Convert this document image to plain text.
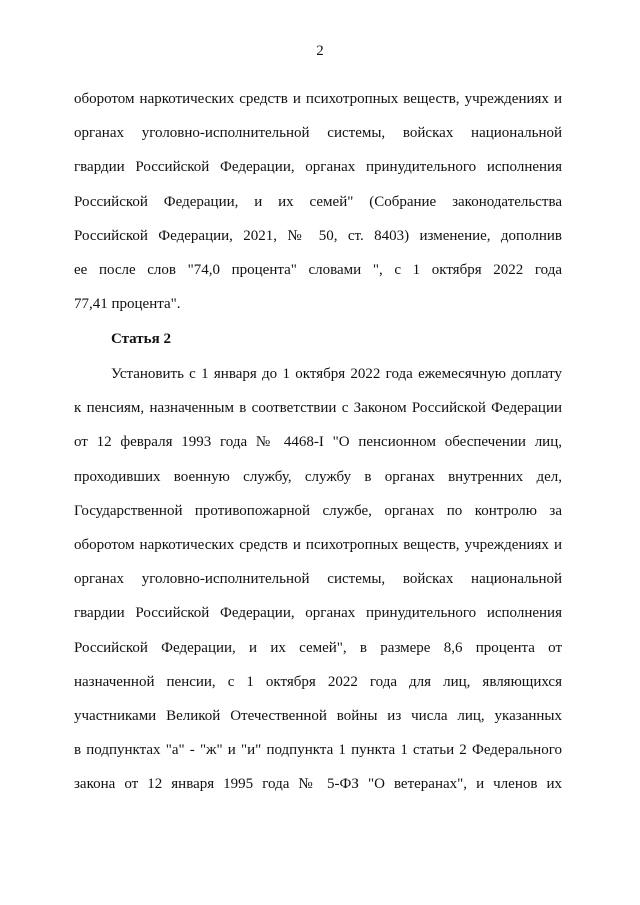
2
оборотом наркотических средств и психотропных веществ, учреждениях и
органах уголовно-исполнительной системы, войсках национальной
гвардии Российской Федерации, органах принудительного исполнения
Российской Федерации, и их семей" (Собрание законодательства
Российской Федерации, 2021, № 50, ст. 8403) изменение, дополнив
ее после слов "74,0 процента" словами ", с 1 октября 2022 года
77,41 процента".
Статья 2
Установить с 1 января до 1 октября 2022 года ежемесячную доплату
к пенсиям, назначенным в соответствии с Законом Российской Федерации
от 12 февраля 1993 года № 4468-I "О пенсионном обеспечении лиц,
проходивших военную службу, службу в органах внутренних дел,
Государственной противопожарной службе, органах по контролю за
оборотом наркотических средств и психотропных веществ, учреждениях и
органах уголовно-исполнительной системы, войсках национальной
гвардии Российской Федерации, органах принудительного исполнения
Российской Федерации, и их семей", в размере 8,6 процента от
назначенной пенсии, с 1 октября 2022 года для лиц, являющихся
участниками Великой Отечественной войны из числа лиц, указанных
в подпунктах "а" - "ж" и "и" подпункта 1 пункта 1 статьи 2 Федерального
закона от 12 января 1995 года № 5-ФЗ "О ветеранах", и членов их
